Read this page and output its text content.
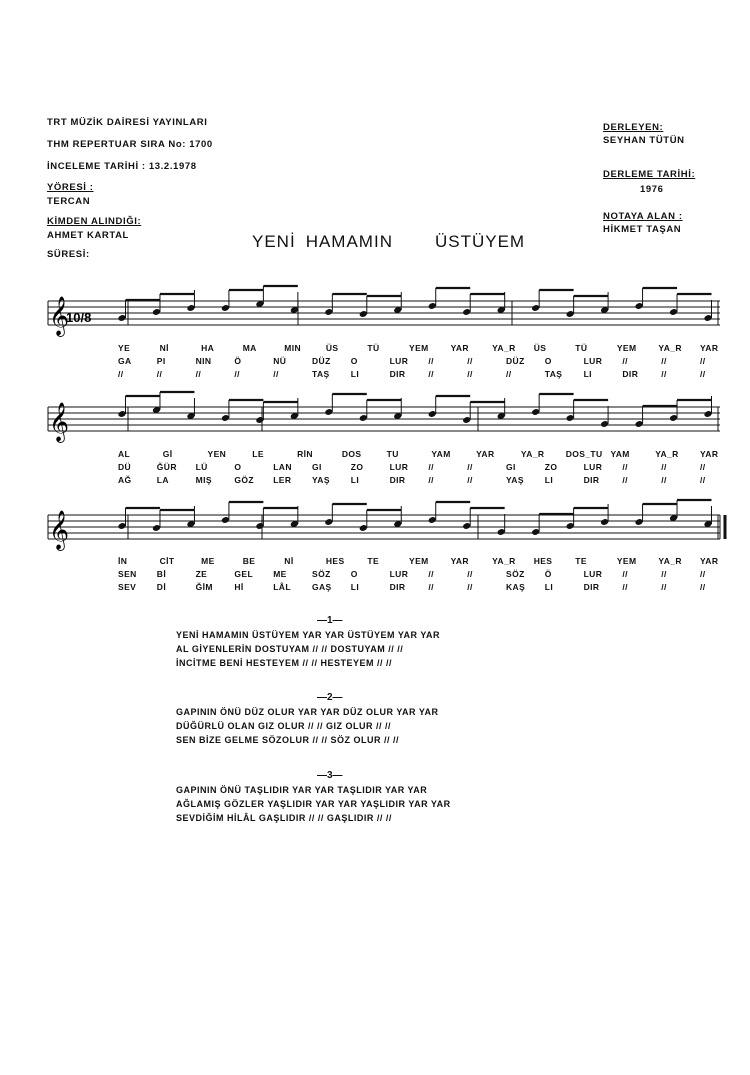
TRT MÜZİK DAİRESİ YAYINLARI
THM REPERTUAR SIRA No: 1700
İNCELEME TARİHİ : 13.2.1978
YÖRESİ :
TERCAN
KİMDEN ALINDIĞI:
AHMET KARTAL
SÜRESİ:
DERLEYEN:
SEYHAN TÜTÜN
DERLEME TARİHİ:
1976
NOTAYA ALAN :
HİKMET TAŞAN
YENİ HAMAMIN ÜSTÜYEM
𝄞
𝄞
𝄞
10/8
YE	Nİ	HA	MA	MIN	ÜS	TÜ	YEM	YAR	YA_R ÜS	TÜ	YEM	YA_R YAR
GA	PI	NIN	Ö	NÜ	DÜZ O	LUR //	//	DÜZ O	LUR //	//	//
//	//	//	//	//	TAŞ LI	DIR	//	//	//	TAŞ LI	DIR	//	//
AL	Gİ	YEN	LE	RİN	DOS	TU	YAM	YAR	YA_R	DOS_TU YAM	YA_R	YAR
DÜ	ĞÜR LÜ	O	LAN GI	ZO	LUR //	//	GI	ZO	LUR //	//	//
AĞ	LA	MIŞ	GÖZ LER YAŞ LI	DIR	//	//	YAŞ LI	DIR	//	//	//
İN	CİT	ME	BE	Nİ	HES	TE	YEM	YAR	YA_R HES	TE	YEM	YA_R YAR
SEN Bİ	ZE	GEL ME	SÖZ O	LUR //	//	SÖZ Ö	LUR //	//	//
SEV Dİ	ĞİM	Hİ	LÂL GAŞ LI	DIR	//	//	KAŞ LI	DIR	//	//	//
—1—
YENİ HAMAMIN ÜSTÜYEM YAR YAR ÜSTÜYEM YAR YAR
AL GİYENLERİN DOSTUYAM // // DOSTUYAM // //
İNCİTME BENİ HESTEYEM // // HESTEYEM // //
—2—
GAPININ ÖNÜ DÜZ OLUR YAR YAR DÜZ OLUR YAR YAR
DÜĞÜRLÜ OLAN GIZ OLUR // // GIZ OLUR // //
SEN BİZE GELME SÖZOLUR // // SÖZ OLUR // //
—3—
GAPININ ÖNÜ TAŞLIDIR YAR YAR TAŞLIDIR YAR YAR
AĞLAMIŞ GÖZLER YAŞLIDIR YAR YAR YAŞLIDIR YAR YAR
SEVDİĞİM HİLÂL GAŞLIDIR // // GAŞLIDIR // //
